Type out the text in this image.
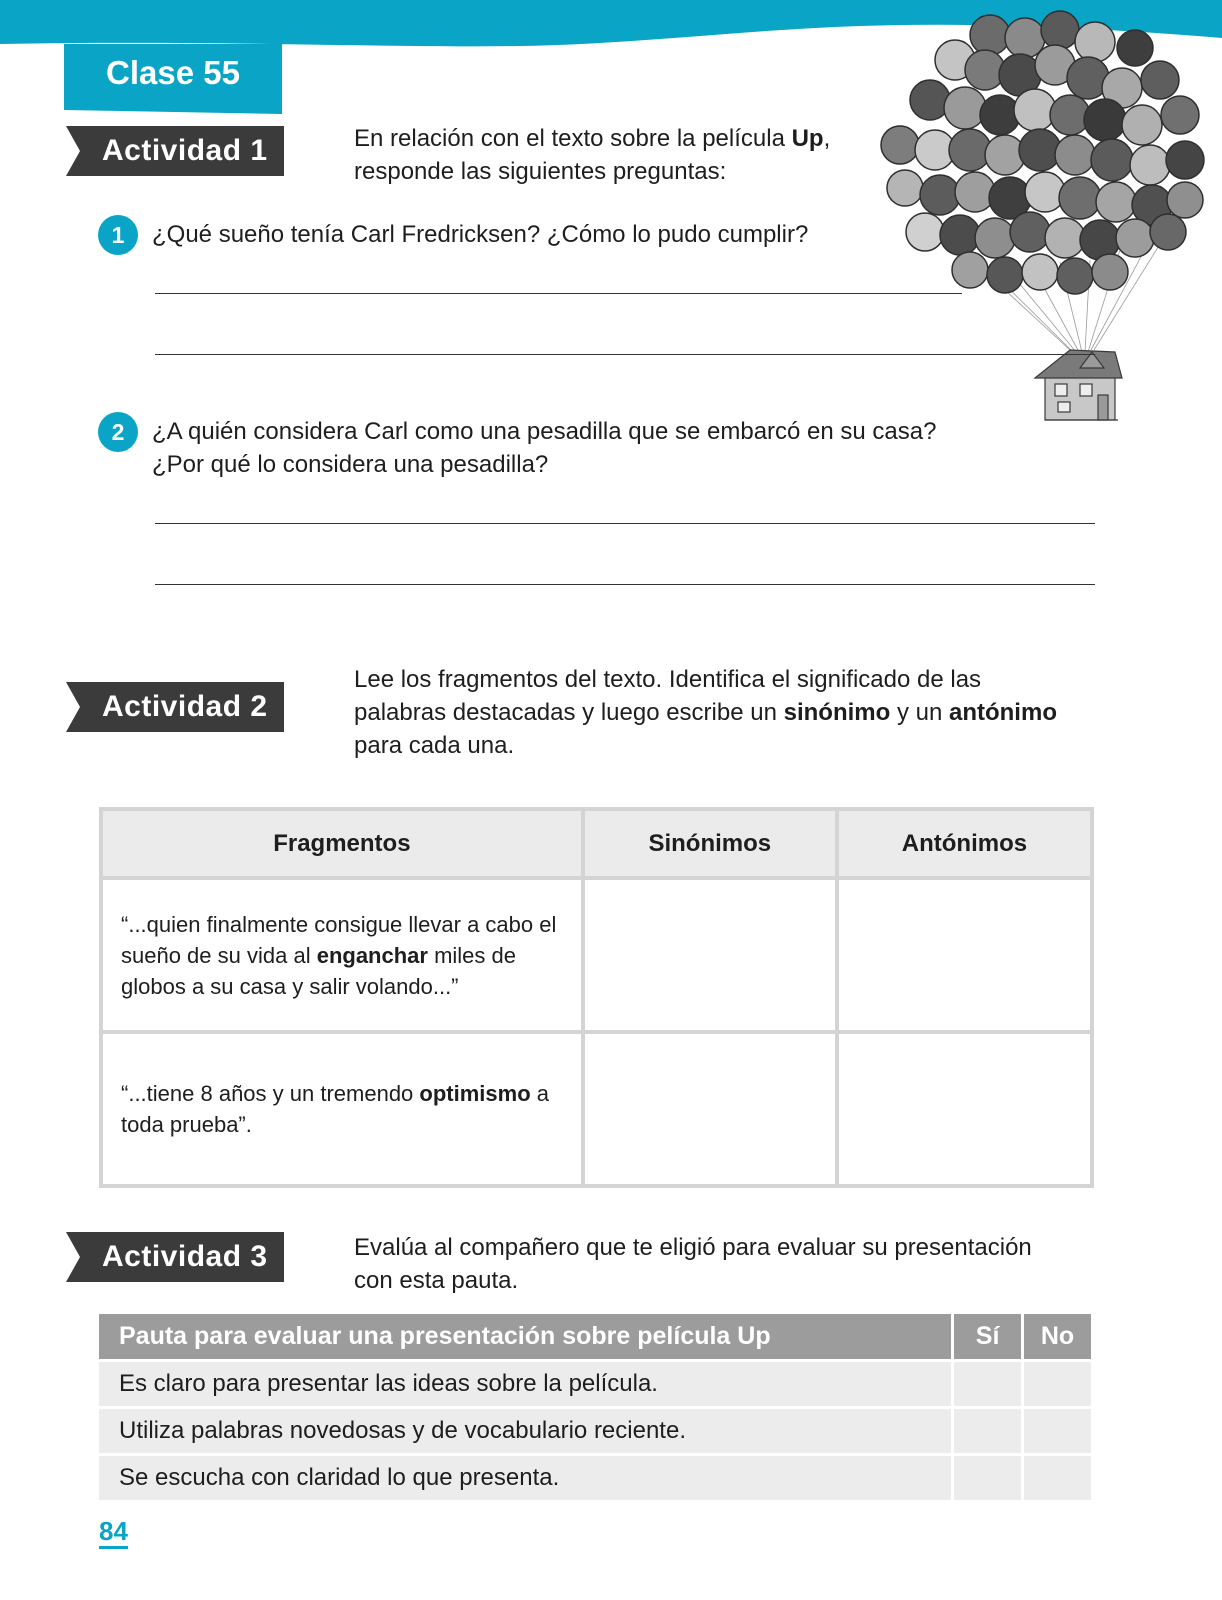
Clase 55
Actividad 1	En relación con el texto sobre la película Up,
responde las siguientes preguntas:
1	¿Qué sueño tenía Carl Fredricksen? ¿Cómo lo pudo cumplir?
2	¿A quién considera Carl como una pesadilla que se embarcó en su casa?
¿Por qué lo considera una pesadilla?
Actividad 2
Lee los fragmentos del texto. Identifica el significado de las
palabras destacadas y luego escribe un sinónimo y un antónimo
para cada una.
Fragmentos	Sinónimos	Antónimos
“...quien finalmente consigue llevar a cabo el sueño de su vida al enganchar miles de globos a su casa y salir volando...”		
“...tiene 8 años y un tremendo optimismo a toda prueba”.		
Actividad 3	Evalúa al compañero que te eligió para evaluar su presentación
con esta pauta.
Pauta para evaluar una presentación sobre película Up	Sí	No
Es claro para presentar las ideas sobre la película.		
Utiliza palabras novedosas y de vocabulario reciente.		
Se escucha con claridad lo que presenta.		
84
